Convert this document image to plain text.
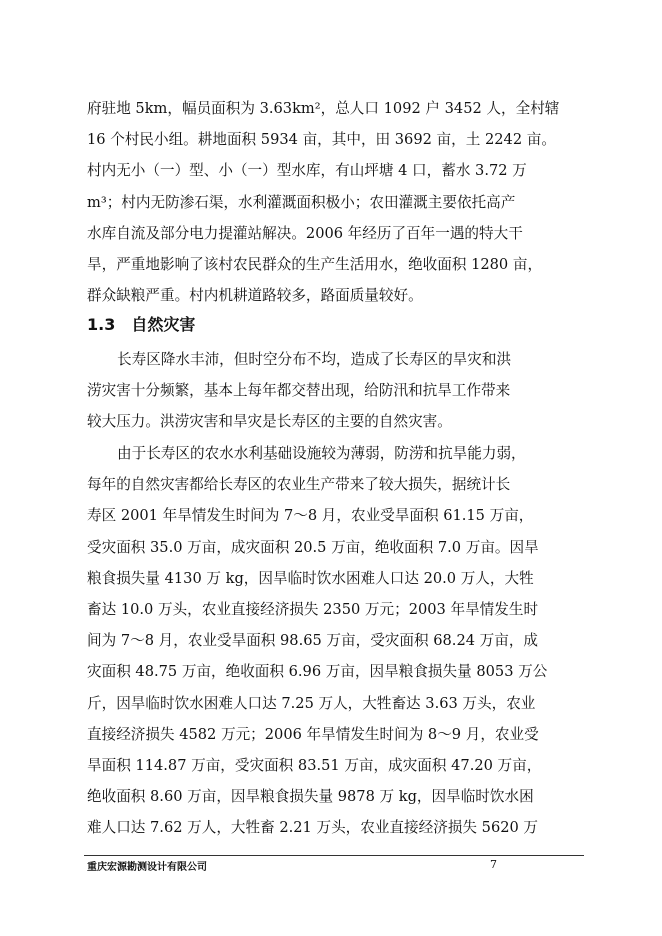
府驻地 5km，幅员面积为 3.63km²，总人口 1092 户 3452 人，全村辖
16 个村民小组。耕地面积 5934 亩，其中，田 3692 亩，土 2242 亩。
村内无小（一）型、小（一）型水库，有山坪塘 4 口，蓄水 3.72 万
m³；村内无防渗石渠，水利灌溉面积极小；农田灌溉主要依托高产
水库自流及部分电力提灌站解决。2006 年经历了百年一遇的特大干
旱，严重地影响了该村农民群众的生产生活用水，绝收面积 1280 亩，
群众缺粮严重。村内机耕道路较多，路面质量较好。
1.3 自然灾害
长寿区降水丰沛，但时空分布不均，造成了长寿区的旱灾和洪
涝灾害十分频繁，基本上每年都交替出现，给防汛和抗旱工作带来
较大压力。洪涝灾害和旱灾是长寿区的主要的自然灾害。
由于长寿区的农水水利基础设施较为薄弱，防涝和抗旱能力弱，
每年的自然灾害都给长寿区的农业生产带来了较大损失，据统计长
寿区 2001 年旱情发生时间为 7～8 月，农业受旱面积 61.15 万亩，
受灾面积 35.0 万亩，成灾面积 20.5 万亩，绝收面积 7.0 万亩。因旱
粮食损失量 4130 万 kg，因旱临时饮水困难人口达 20.0 万人，大牲
畜达 10.0 万头，农业直接经济损失 2350 万元；2003 年旱情发生时
间为 7～8 月，农业受旱面积 98.65 万亩，受灾面积 68.24 万亩，成
灾面积 48.75 万亩，绝收面积 6.96 万亩，因旱粮食损失量 8053 万公
斤，因旱临时饮水困难人口达 7.25 万人，大牲畜达 3.63 万头，农业
直接经济损失 4582 万元；2006 年旱情发生时间为 8～9 月，农业受
旱面积 114.87 万亩，受灾面积 83.51 万亩，成灾面积 47.20 万亩，
绝收面积 8.60 万亩，因旱粮食损失量 9878 万 kg，因旱临时饮水困
难人口达 7.62 万人，大牲畜 2.21 万头，农业直接经济损失 5620 万
重庆宏源勘测设计有限公司	7
